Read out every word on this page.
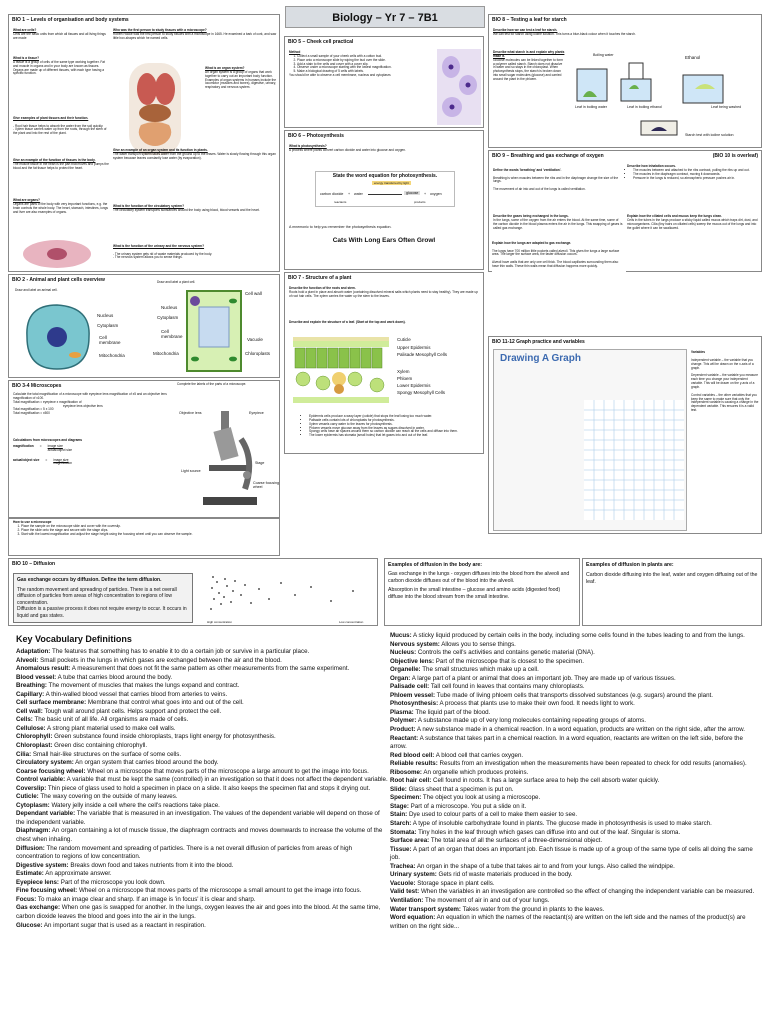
Biology – Yr 7 – 7B1
BIO 1 – Levels of organisation and body systems
What are cells?
Cells are the basic units from which all tissues and all living things are made
Who was the first person to study tissues with a microscope?
Robert Hooke was the first person to study tissues with a microscope in 1665. He examined a bark of cork, and saw little box-shapes which he named cells.
What is a tissue?
A tissue is a group of cells of the same type working together. Fat and muscle in organs and in your body are known as tissues. Organs are made up of different tissues, with each type having a specific function.
What is an organ system?
An organ system is a group of organs that work together to carry out an important body function. Examples of organ systems in humans include the locomotor (muscles and bones), digestive, urinary, respiratory and nervous system.

Give examples of plant tissues and their function.

- Root hair tissue helps to absorb the water from the soil quickly.
- Xylem tissue carries water up from the roots, through the stem of the plant and into the rest of the plant.

Give an example of an organ system and its function in plants.
The water transport system takes water from the ground up to the leaves. Water is slowly flowing through this organ system because leaves constantly lose water (by evaporation).
Give an example of the function of tissues in the body.
The muscle tissue in the heart is the part that moves and pumps the blood and the fat tissue helps to protect the heart.
What are organs?
Organs are parts of the body with very important functions, e.g. the brain controls the whole body. The heart, stomach, intestines, lungs and liver are also examples of organs.
What is the function of the circulatory system?
The circulatory system transports substances around the body using blood, blood vessels and the heart.

What is the function of the urinary and the nervous system?

- The urinary system gets rid of waste materials produced by the body.
- The nervous system allows you to sense things.

BIO 5 – Cheek cell practical
Method
1. Collect a small sample of your cheek cells with a cotton bud.
2. Place onto a microscope slide by wiping the bud over the slide.
3. Add a stain to the cells and cover with a cover slip.
4. Observe under a microscope starting with the lowest magnification.
5. Make a biological drawing of 5 cells with labels.
You should be able to observe a cell membrane, nucleus and cytoplasm.
BIO 6 – Photosynthesis
What is photosynthesis?
A process where plants convert carbon dioxide and water into glucose and oxygen.
State the word equation for photosynthesis.
energy transferred by light
carbon dioxide + water	glucose	+ oxygen
reactants	products
A mnemonic to help you remember the photosynthesis equation.
Cats With Long Ears Often Growl
BIO 8 – Testing a leaf for starch
Describe how we can test a leaf for starch.
We can test for starch using iodine solution. This turns a blue-black colour when it touches the starch.
Describe what starch is and explain why plants make it.
Glucose molecules can be linked together to form a polymer called starch. Starch does not dissolve in water and so stays in the chloroplast. When photosynthesis stops, the starch is broken down into small sugar molecules (glucose) and carried around the plant in the phloem.
Boiling water	Ethanol
Leaf in boiling water	Leaf in boiling ethanol	Leaf being washed
Starch test with iodine solution
BIO 9 – Breathing and gas exchange of oxygen	(BIO 10 is overleaf)

Define the words 'breathing' and 'ventilation'.

Breathing is when muscles between the ribs and in the diaphragm change the size of the lungs.

The movement of air into and out of the lungs is called ventilation.

Describe how inhalation occurs.
• The muscles between and attached to the ribs contract, pulling the ribs up and out.
• The muscles in the diaphragm contract, moving it downwards.
• Pressure in the lungs is reduced, so atmospheric pressure pushes air in.
Describe the gases being exchanged in the lungs.
In the lungs, some of the oxygen from the air enters the blood. At the same time, some of the carbon dioxide in the blood plasma enters the air in the lungs. This swapping of gases is called gas exchange.
Explain how the ciliated cells and mucus keep the lungs clean.
Cells in the tubes in the lungs produce a sticky liquid called mucus which traps dirt, dust, and microorganisms. Cilia (tiny hairs on ciliated cells) sweep the mucus out of the lungs and into the gullet where it can be swallowed.

Explain how the lungs are adapted to gas exchange.

The lungs have 700 million little pockets called alveoli. This gives the lungs a large surface area. The larger the surface area, the faster diffusion occurs.

Alveoli have walls that are only one cell thick. The blood capillaries surrounding them also have thin walls. These thin walls mean that diffusion happens more quickly.

BIO 2 - Animal and plant cells overview
Draw and label an animal cell.
Nucleus
Cytoplasm
Cell membrane
Mitochondria
Draw and label a plant cell.
Cell wall
Nucleus
Cytoplasm
Cell membrane
Vacuole
Mitochondria	Chloroplasts
BIO 7 - Structure of a plant
Describe the function of the roots and stem.
Roots hold a plant in place and absorb water (containing dissolved mineral salts which plants need to stay healthy). They are made up of root hair cells. The xylem carries the water up the stem to the leaves.
Describe and explain the structure of a leaf. (Start at the top and work down).
Cuticle
Upper Epidermis
Palisade Mesophyll Cells
Xylem
Phloem
Lower Epidermis
Spongy Mesophyll Cells
• Epidermis cells produce a waxy layer (cuticle) that stops the leaf losing too much water.
• Palisade cells contain lots of chloroplasts for photosynthesis.
• Xylem vessels carry water to the leaves for photosynthesis.
• Phloem vessels move glucose away from the leaves as sugars dissolved in water.
• Spongy cells have air spaces around them so carbon dioxide can reach all the cells and diffuse into them.
• The lower epidermis has stomata (small holes) that let gases into and out of the leaf.
BIO 3-4 Microscopes
Calculate the total magnification of a microscope with eyepiece lens magnification of x5 and an objective lens magnification of x100.
Total magnification = eyepiece x magnification of
eyepiece lens objective lens
Total magnification = 5 x 100
Total magnification = x500
Calculations from microscopes and diagrams
magnification = image size
actual/object size
actual/object size = image size
magnification
Complete the labels of the parts of a microscope.
Objective lens	Eyepiece
Stage
Light source
Coarse focusing wheel
How to use a microscope
1. Place the sample on the microscope slide and cover with the coverslip.
2. Place the slide onto the stage and secure with the stage clips.
3. Start with the lowest magnification and adjust the stage height using the focusing wheel until you can observe the sample.
BIO 11-12 Graph practice and variables
Drawing A Graph
Variables
Independent variable – the variable that you change. This will be drawn on the x-axis of a graph.
Dependent variable – the variable you measure each time you change your independent variable. This will be drawn on the y-axis of a graph.
Control variables – the other variables that you keep the same to make sure that only the independent variable is causing a change in the dependent variable. This ensures it is a valid test.
BIO 10 – Diffusion
Gas exchange occurs by diffusion. Define the term diffusion.
The random movement and spreading of particles. There is a net overall diffusion of particles from areas of high concentration to regions of low concentration.
Diffusion is a passive process it does not require energy to occur. It occurs in liquid and gas states.
High concentration	Low concentration
Examples of diffusion in the body are:
Gas exchange in the lungs - oxygen diffuses into the blood from the alveoli and carbon dioxide diffuses out of the blood into the alveoli.
Absorption in the small intestine – glucose and amino acids (digested food) diffuse into the blood stream from the small intestine.
Examples of diffusion in plants are:
Carbon dioxide diffusing into the leaf, water and oxygen diffusing out of the leaf.
Key Vocabulary Definitions

Adaptation: The features that something has to enable it to do a certain job or survive in a particular place.

Alveoli: Small pockets in the lungs in which gases are exchanged between the air and the blood.

Anomalous result: A measurement that does not fit the same pattern as other measurements from the same experiment.

Blood vessel: A tube that carries blood around the body.

Breathing: The movement of muscles that makes the lungs expand and contract.

Capillary: A thin-walled blood vessel that carries blood from arteries to veins.

Cell surface membrane: Membrane that control what goes into and out of the cell.

Cell wall: Tough wall around plant cells. Helps support and protect the cell.

Cells: The basic unit of all life. All organisms are made of cells.

Cellulose: A strong plant material used to make cell walls.

Chlorophyll: Green substance found inside chloroplasts, traps light energy for photosynthesis.

Chloroplast: Green disc containing chlorophyll.

Cilia: Small hair-like structures on the surface of some cells.

Circulatory system: An organ system that carries blood around the body.

Coarse focusing wheel: Wheel on a microscope that moves parts of the microscope a large amount to get the image into focus.

Control variable: A variable that must be kept the same (controlled) in an investigation so that it does not affect the dependent variable.

Coverslip: Thin piece of glass used to hold a specimen in place on a slide. It also keeps the specimen flat and stops it drying out.

Cuticle: The waxy covering on the outside of many leaves.

Cytoplasm: Watery jelly inside a cell where the cell's reactions take place.

Dependant variable: The variable that is measured in an investigation. The values of the dependent variable will depend on those of the independent variable.

Diaphragm: An organ containing a lot of muscle tissue, the diaphragm contracts and moves downwards to increase the volume of the chest when inhaling.

Diffusion: The random movement and spreading of particles. There is a net overall diffusion of particles from areas of high concentration to regions of low concentration.

Digestive system: Breaks down food and takes nutrients from it into the blood.

Estimate: An approximate answer.

Eyepiece lens: Part of the microscope you look down.

Fine focusing wheel: Wheel on a microscope that moves parts of the microscope a small amount to get the image into focus.

Focus: To make an image clear and sharp. If an image is 'in focus' it is clear and sharp.

Gas exchange: When one gas is swapped for another. In the lungs, oxygen leaves the air and goes into the blood. At the same time, carbon dioxide leaves the blood and goes into the air in the lungs.

Glucose: An important sugar that is used as a reactant in respiration.

Mucus: A sticky liquid produced by certain cells in the body, including some cells found in the tubes leading to and from the lungs.

Nervous system: Allows you to sense things.

Nucleus: Controls the cell's activities and contains genetic material (DNA).

Objective lens: Part of the microscope that is closest to the specimen.

Organelle: The small structures which make up a cell.

Organ: A large part of a plant or animal that does an important job. They are made up of various tissues.

Palisade cell: Tall cell found in leaves that contains many chloroplasts.

Phloem vessel: Tube made of living phloem cells that transports dissolved substances (e.g. sugars) around the plant.

Photosynthesis: A process that plants use to make their own food. It needs light to work.

Plasma: The liquid part of the blood.

Polymer: A substance made up of very long molecules containing repeating groups of atoms.

Product: A new substance made in a chemical reaction. In a word equation, products are written on the right side, after the arrow.

Reactant: A substance that takes part in a chemical reaction. In a word equation, reactants are written on the left side, before the arrow.

Red blood cell: A blood cell that carries oxygen.

Reliable results: Results from an investigation when the measurements have been repeated to check for odd results (anomalies).

Ribosome: An organelle which produces proteins.

Root hair cell: Cell found in roots. It has a large surface area to help the cell absorb water quickly.

Slide: Glass sheet that a specimen is put on.

Specimen: The object you look at using a microscope.

Stage: Part of a microscope. You put a slide on it.

Stain: Dye used to colour parts of a cell to make them easier to see.

Starch: A type of insoluble carbohydrate found in plants. The glucose made in photosynthesis is used to make starch.

Stomata: Tiny holes in the leaf through which gases can diffuse into and out of the leaf. Singular is stoma.

Surface area: The total area of all the surfaces of a three-dimensional object.

Tissue: A part of an organ that does an important job. Each tissue is made up of a group of the same type of cells all doing the same job.

Trachea: An organ in the shape of a tube that takes air to and from your lungs. Also called the windpipe.

Urinary system: Gets rid of waste materials produced in the body.

Vacuole: Storage space in plant cells.

Valid test: When the variables in an investigation are controlled so the effect of changing the independent variable can be measured.

Ventilation: The movement of air in and out of your lungs.

Water transport system: Takes water from the ground in plants to the leaves.

Word equation: An equation in which the names of the reactant(s) are written on the left side and the names of the product(s) are written on the right side...
